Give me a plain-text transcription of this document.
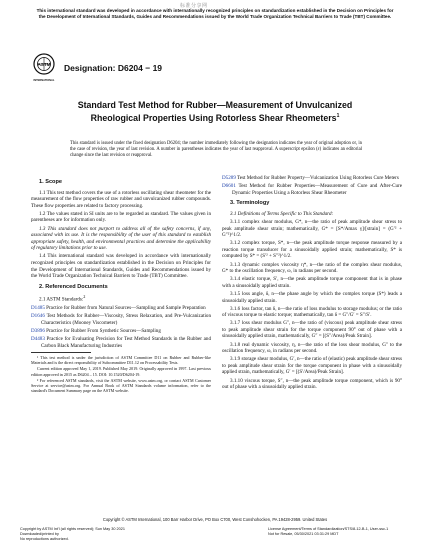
标准分享网
This international standard was developed in accordance with internationally recognized principles on standardization established in the Decision on Principles for the Development of International Standards, Guides and Recommendations issued by the World Trade Organization Technical Barriers to Trade (TBT) Committee.
ASTM
INTERNATIONAL
Designation: D6204 − 19
Standard Test Method for Rubber—Measurement of Unvulcanized Rheological Properties Using Rotorless Shear Rheometers$^1$
This standard is issued under the fixed designation D6204; the number immediately following the designation indicates the year of original adoption or, in the case of revision, the year of last revision. A number in parentheses indicates the year of last reapproval. A superscript epsilon (ε) indicates an editorial change since the last revision or reapproval.

1. Scope

1.1 This test method covers the use of a rotorless oscillating shear rheometer for the measurement of the flow properties of raw rubber and unvulcanized rubber compounds. These flow properties are related to factory processing.

1.2 The values stated in SI units are to be regarded as standard. The values given in parentheses are for information only.

1.3 This standard does not purport to address all of the safety concerns, if any, associated with its use. It is the responsibility of the user of this standard to establish appropriate safety, health, and environmental practices and determine the applicability of regulatory limitations prior to use.

1.4 This international standard was developed in accordance with internationally recognized principles on standardization established in the Decision on Principles for the Development of International Standards, Guides and Recommendations issued by the World Trade Organization Technical Barriers to Trade (TBT) Committee.

2. Referenced Documents

2.1 ASTM Standards:$^2$

D1485 Practice for Rubber from Natural Sources—Sampling and Sample Preparation

D1646 Test Methods for Rubber—Viscosity, Stress Relaxation, and Pre-Vulcanization Characteristics (Mooney Viscometer)

D3896 Practice for Rubber From Synthetic Sources—Sampling

D4483 Practice for Evaluating Precision for Test Method Standards in the Rubber and Carbon Black Manufacturing Industries

¹ This test method is under the jurisdiction of ASTM Committee D11 on Rubber and Rubber-like Materials and is the direct responsibility of Subcommittee D11.12 on Processability Tests.

Current edition approved May 1, 2019. Published May 2019. Originally approved in 1997. Last previous edition approved in 2015 as D6204 – 15. DOI: 10.1520/D6204-19.

² For referenced ASTM standards, visit the ASTM website, www.astm.org, or contact ASTM Customer Service at service@astm.org. For Annual Book of ASTM Standards volume information, refer to the standard's Document Summary page on the ASTM website.

D5289 Test Method for Rubber Property—Vulcanization Using Rotorless Cure Meters

D6601 Test Method for Rubber Properties—Measurement of Cure and After-Cure Dynamic Properties Using a Rotorless Shear Rheometer

3. Terminology

3.1 Definitions of Terms Specific to This Standard:

3.1.1 complex shear modulus, G*, n—the ratio of peak amplitude shear stress to peak amplitude shear strain; mathematically, G* = [S*/Amax γ]/[strain] = (G′² + G″²)^1/2.

3.1.2 complex torque, S*, n—the peak amplitude torque response measured by a reaction torque transducer for a sinusoidally applied strain; mathematically, S* is computed by S* = (S′² + S″²)^1/2.

3.1.3 dynamic complex viscosity η*, n—the ratio of the complex shear modulus, G* to the oscillation frequency, ω, in radians per second.

3.1.4 elastic torque, S′, n—the peak amplitude torque component that is in phase with a sinusoidally applied strain.

3.1.5 loss angle, δ, n—the phase angle by which the complex torque (S*) leads a sinusoidally applied strain.

3.1.6 loss factor, tan δ, n—the ratio of loss modulus to storage modulus; or the ratio of viscous torque to elastic torque; mathematically, tan δ = G″/G′ = S″/S′.

3.1.7 loss shear modulus G″, n—the ratio of (viscous) peak amplitude shear stress to peak amplitude shear strain for the torque component 90° out of phase with a sinusoidally applied strain, mathematically, G″ = [(S″/Area)/Peak Strain].

3.1.8 real dynamic viscosity, η, n—the ratio of the loss shear modulus, G″ to the oscillation frequency, ω, in radians per second.

3.1.9 storage shear modulus, G′, n—the ratio of (elastic) peak amplitude shear stress to peak amplitude shear strain for the torque component in phase with a sinusoidally applied strain, mathematically, G′ = [(S′/Area)/Peak Strain].

3.1.10 viscous torque, S″, n—the peak amplitude torque component, which is 90° out of phase with a sinusoidally applied strain.

Copyright © ASTM International, 100 Barr Harbor Drive, PO Box C700, West Conshohocken, PA 19428-2959. United States
Copyright by ASTM Int'l (all rights reserved); Sun May 30 2021
Downloaded/printed by
No reproductions authorized.
License Agreement/Terms of Standardization/STS/8-12-B-1, User-ssc-1
Not for Resale, 05/30/2021 03:31:29 MDT
